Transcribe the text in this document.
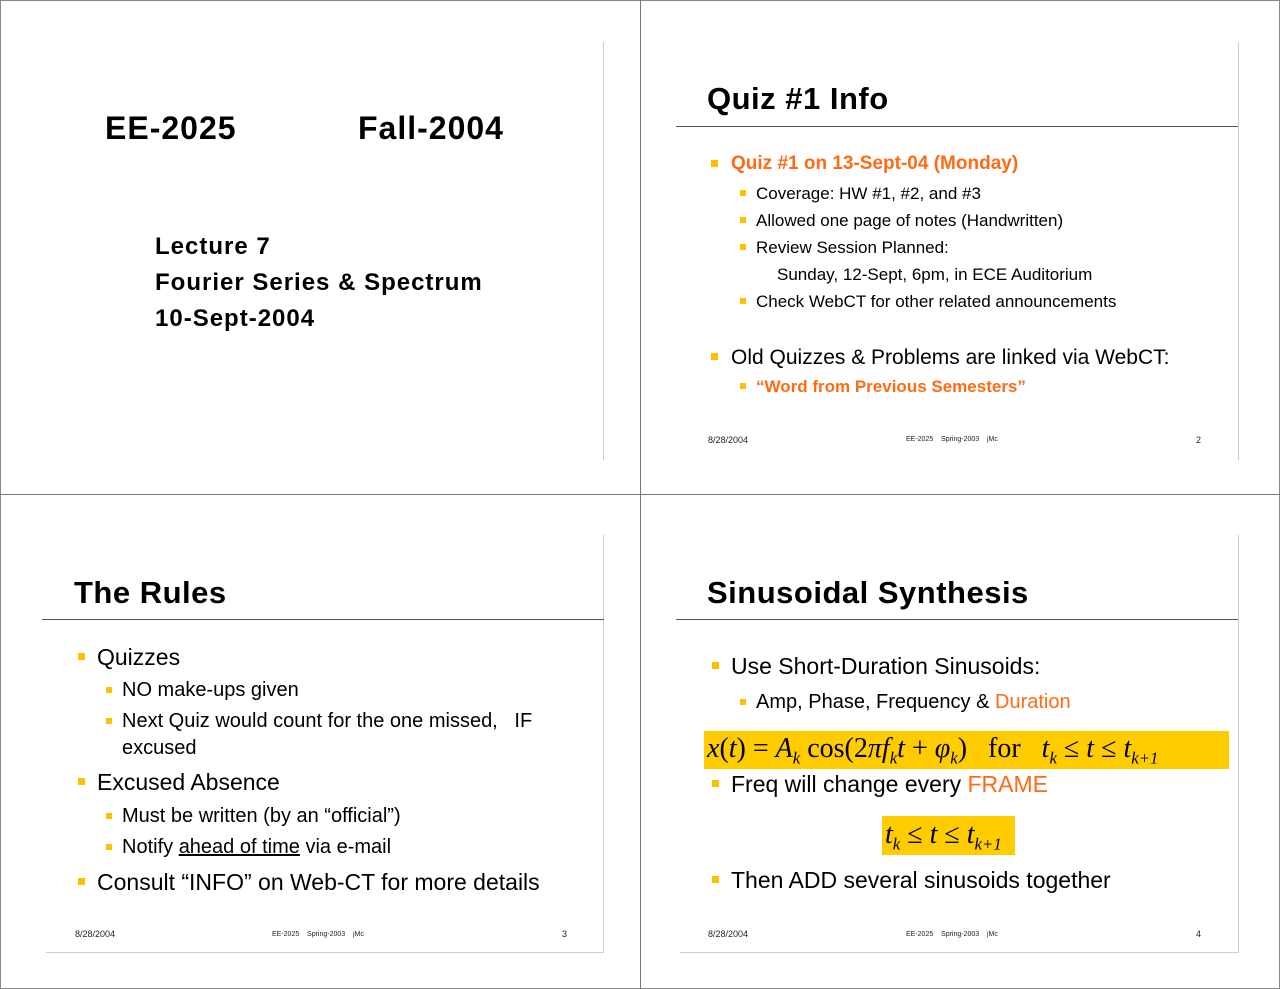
EE-2025	Fall-2004
Lecture 7
Fourier Series & Spectrum
10-Sept-2004
Quiz #1 Info
Quiz #1 on 13-Sept-04 (Monday)
Coverage: HW #1, #2, and #3
Allowed one page of notes (Handwritten)
Review Session Planned:
Sunday, 12-Sept, 6pm, in ECE Auditorium
Check WebCT for other related announcements
Old Quizzes & Problems are linked via WebCT:
“Word from Previous Semesters”
8/28/2004	EE-2025    Spring-2003    jMc	2
The Rules
Quizzes
NO make-ups given
Next Quiz would count for the one missed,   IF
excused
Excused Absence
Must be written (by an “official”)
Notify ahead of time via e-mail
Consult “INFO” on Web-CT for more details
8/28/2004	EE-2025    Spring-2003    jMc	3
Sinusoidal Synthesis
Use Short-Duration Sinusoids:
Amp, Phase, Frequency & Duration
$x(t) = A_k$ $\cos(2\pi f_kt + \varphi_k)$   for   $t_k \le t \le t_{k+1}$
Freq will change every FRAME
$t_k \le t \le t_{k+1}$
Then ADD several sinusoids together
8/28/2004	EE-2025    Spring-2003    jMc	4
